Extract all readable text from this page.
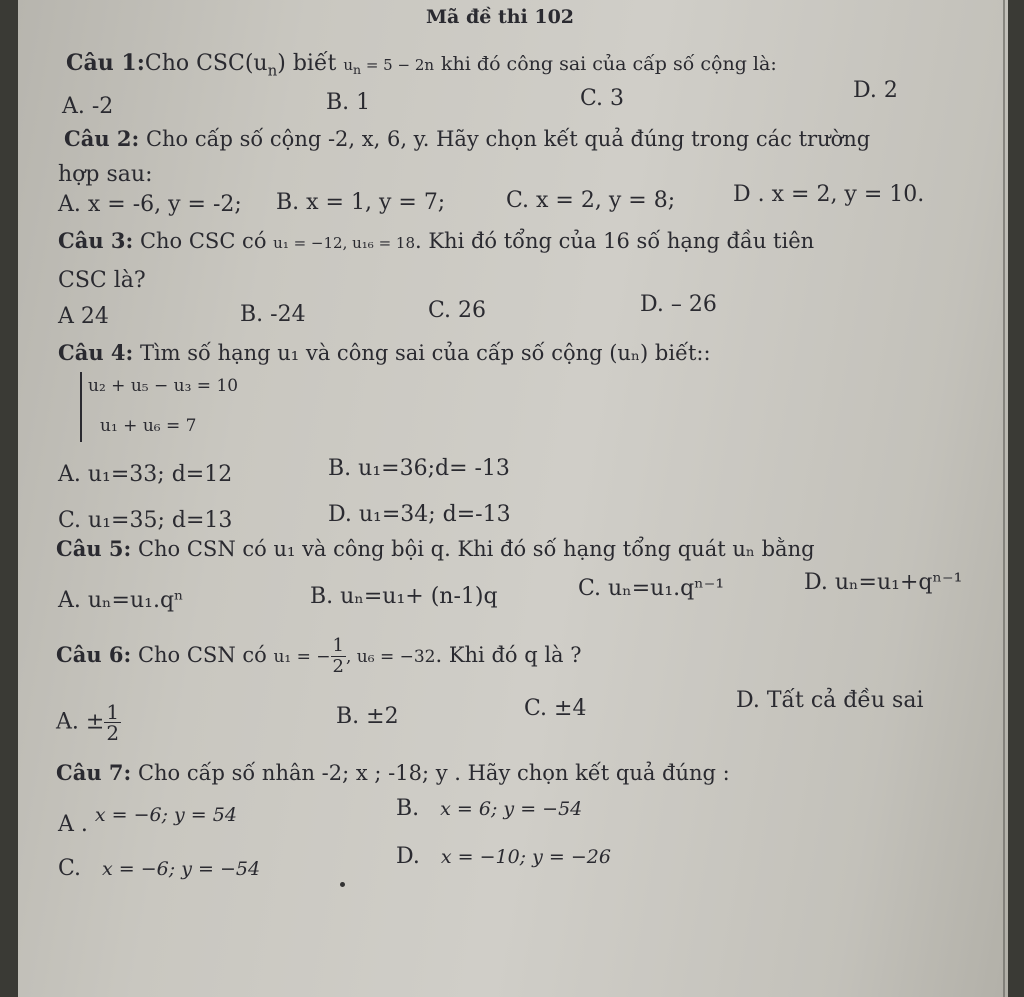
Mã đề thi 102
Câu 1:Cho $CSC(u_n)$ biết $u_n = 5 - 2n$ khi đó công sai của cấp số cộng là:
A. -2	B. 1	C. 3	D. 2
Câu 2: Cho cấp số cộng -2, x, 6, y. Hãy chọn kết quả đúng trong các trường
hợp sau:
A. x = -6, y = -2; B. x = 1, y = 7;	C. x = 2, y = 8;	D . x = 2, y = 10.
Câu 3: Cho CSC có u₁ = −12, u₁₆ = 18. Khi đó tổng của 16 số hạng đầu tiên
CSC là?
A 24	B. -24	C. 26	D. – 26
Câu 4: Tìm số hạng u₁ và công sai của cấp số cộng (uₙ) biết::
u₂ + u₅ − u₃ = 10
u₁ + u₆ = 7
A. u₁=33; d=12	B. u₁=36;d= -13
C. u₁=35; d=13	D. u₁=34; d=-13
Câu 5: Cho CSN có u₁ và công bội q. Khi đó số hạng tổng quát uₙ bằng
A. uₙ=u₁.qⁿ	B. uₙ=u₁+ (n-1)q	C. uₙ=u₁.qⁿ⁻¹	D. uₙ=u₁+qⁿ⁻¹
Câu 6: Cho CSN có u₁ = − $\frac{1}{2}$ , u₆ = −32. Khi đó q là ?
A. ± $\frac{1}{2}$	B. ±2	C. ±4	D. Tất cả đều sai
Câu 7: Cho cấp số nhân -2; x ; -18; y . Hãy chọn kết quả đúng :
A . x = −6; y = 54	B. x = 6; y = −54
C. x = −6; y = −54	D. x = −10; y = −26
